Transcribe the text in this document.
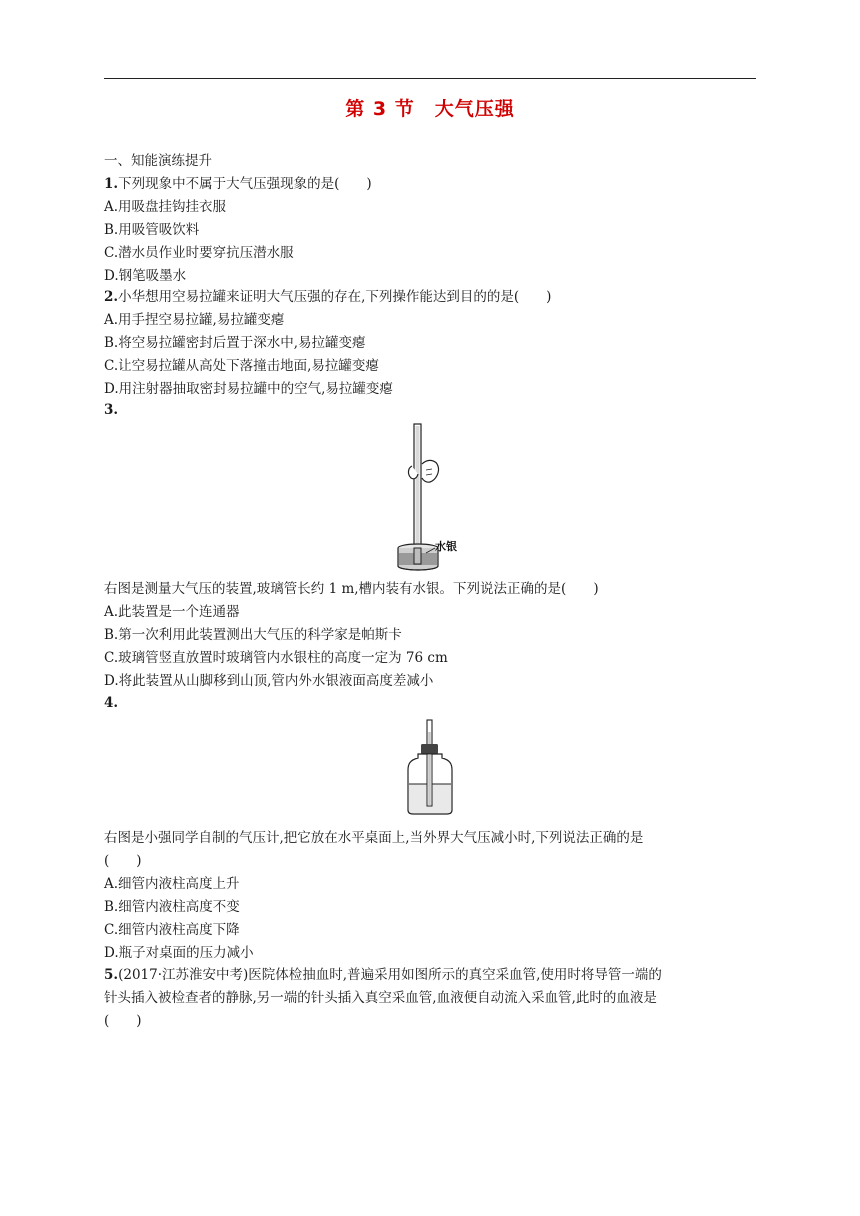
第 3 节　大气压强
一、知能演练提升
1.下列现象中不属于大气压强现象的是(　　)
A.用吸盘挂钩挂衣服
B.用吸管吸饮料
C.潜水员作业时要穿抗压潜水服
D.钢笔吸墨水
2.小华想用空易拉罐来证明大气压强的存在,下列操作能达到目的的是(　　)
A.用手捏空易拉罐,易拉罐变瘪
B.将空易拉罐密封后置于深水中,易拉罐变瘪
C.让空易拉罐从高处下落撞击地面,易拉罐变瘪
D.用注射器抽取密封易拉罐中的空气,易拉罐变瘪
3.
水银
右图是测量大气压的装置,玻璃管长约 1 m,槽内装有水银。下列说法正确的是(　　)
A.此装置是一个连通器
B.第一次利用此装置测出大气压的科学家是帕斯卡
C.玻璃管竖直放置时玻璃管内水银柱的高度一定为 76 cm
D.将此装置从山脚移到山顶,管内外水银液面高度差减小
4.
右图是小强同学自制的气压计,把它放在水平桌面上,当外界大气压减小时,下列说法正确的是
(　　)
A.细管内液柱高度上升
B.细管内液柱高度不变
C.细管内液柱高度下降
D.瓶子对桌面的压力减小
5.(2017·江苏淮安中考)医院体检抽血时,普遍采用如图所示的真空采血管,使用时将导管一端的
针头插入被检查者的静脉,另一端的针头插入真空采血管,血液便自动流入采血管,此时的血液是
(　　)
